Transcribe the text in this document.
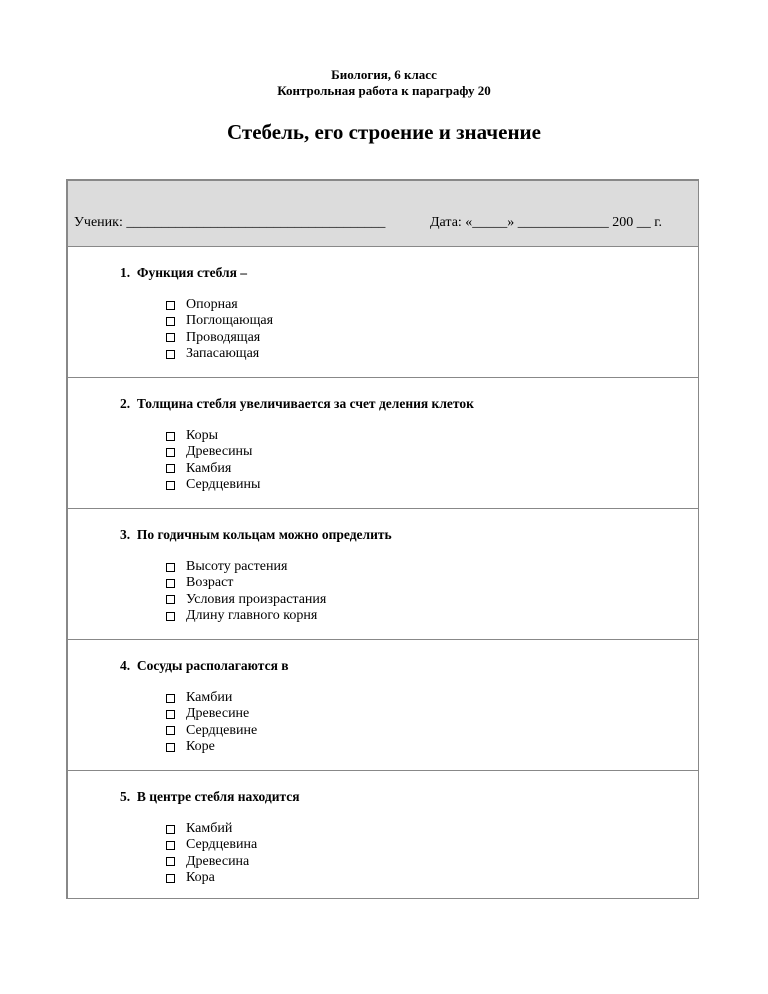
Биология, 6 класс
Контрольная работа к параграфу 20
Стебель, его строение и значение
Ученик: _____________________________________	Дата: «_____» _____________ 200 __ г.
1.  Функция стебля –
Опорная
Поглощающая
Проводящая
Запасающая
2.  Толщина стебля увеличивается за счет деления клеток
Коры
Древесины
Камбия
Сердцевины
3.  По годичным кольцам можно определить
Высоту растения
Возраст
Условия произрастания
Длину главного корня
4.  Сосуды располагаются в
Камбии
Древесине
Сердцевине
Коре
5.  В центре стебля находится
Камбий
Сердцевина
Древесина
Кора
